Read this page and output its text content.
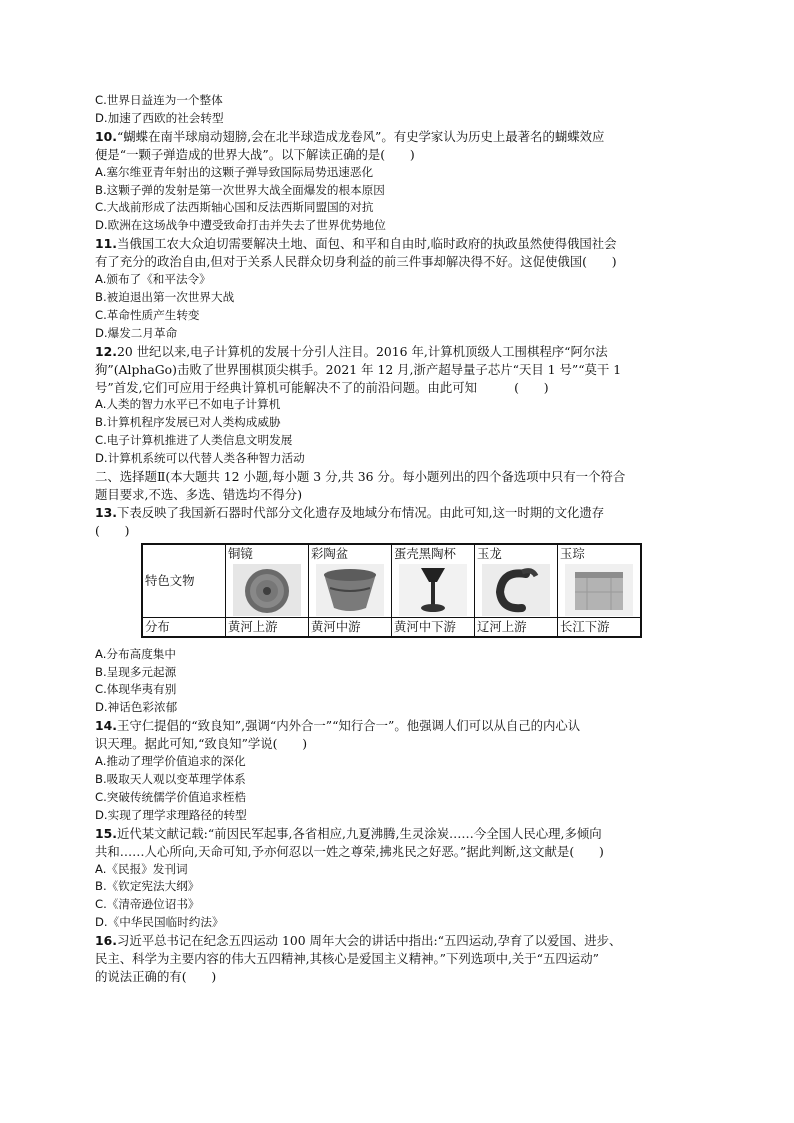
C.世界日益连为一个整体
D.加速了西欧的社会转型
10.“蝴蝶在南半球扇动翅膀,会在北半球造成龙卷风”。有史学家认为历史上最著名的蝴蝶效应
便是“一颗子弹造成的世界大战”。以下解读正确的是(　　)
A.塞尔维亚青年射出的这颗子弹导致国际局势迅速恶化
B.这颗子弹的发射是第一次世界大战全面爆发的根本原因
C.大战前形成了法西斯轴心国和反法西斯同盟国的对抗
D.欧洲在这场战争中遭受致命打击并失去了世界优势地位
11.当俄国工农大众迫切需要解决土地、面包、和平和自由时,临时政府的执政虽然使得俄国社会
有了充分的政治自由,但对于关系人民群众切身利益的前三件事却解决得不好。这促使俄国(　　)
A.颁布了《和平法令》
B.被迫退出第一次世界大战
C.革命性质产生转变
D.爆发二月革命
12.20 世纪以来,电子计算机的发展十分引人注目。2016 年,计算机顶级人工围棋程序“阿尔法
狗”(AlphaGo)击败了世界围棋顶尖棋手。2021 年 12 月,浙产超导量子芯片“天目 1 号”“莫干 1
号”首发,它们可应用于经典计算机可能解决不了的前沿问题。由此可知　　　(　　)
A.人类的智力水平已不如电子计算机
B.计算机程序发展已对人类构成威胁
C.电子计算机推进了人类信息文明发展
D.计算机系统可以代替人类各种智力活动
二、选择题Ⅱ(本大题共 12 小题,每小题 3 分,共 36 分。每小题列出的四个备选项中只有一个符合
题目要求,不选、多选、错选均不得分)
13.下表反映了我国新石器时代部分文化遗存及地域分布情况。由此可知,这一时期的文化遗存
(　　)
特色文物	铜镜	彩陶盆	蛋壳黑陶杯	玉龙	玉琮

分布	黄河上游	黄河中游	黄河中下游	辽河上游	长江下游
A.分布高度集中
B.呈现多元起源
C.体现华夷有别
D.神话色彩浓郁
14.王守仁提倡的“致良知”,强调“内外合一”“知行合一”。他强调人们可以从自己的内心认
识天理。据此可知,“致良知”学说(　　)
A.推动了理学价值追求的深化
B.吸取天人观以变革理学体系
C.突破传统儒学价值追求桎梏
D.实现了理学求理路径的转型
15.近代某文献记载:“前因民军起事,各省相应,九夏沸腾,生灵涂炭……今全国人民心理,多倾向
共和……人心所向,天命可知,予亦何忍以一姓之尊荣,拂兆民之好恶。”据此判断,这文献是(　　)
A.《民报》发刊词
B.《钦定宪法大纲》
C.《清帝逊位诏书》
D.《中华民国临时约法》
16.习近平总书记在纪念五四运动 100 周年大会的讲话中指出:“五四运动,孕育了以爱国、进步、
民主、科学为主要内容的伟大五四精神,其核心是爱国主义精神。”下列选项中,关于“五四运动”
的说法正确的有(　　)
